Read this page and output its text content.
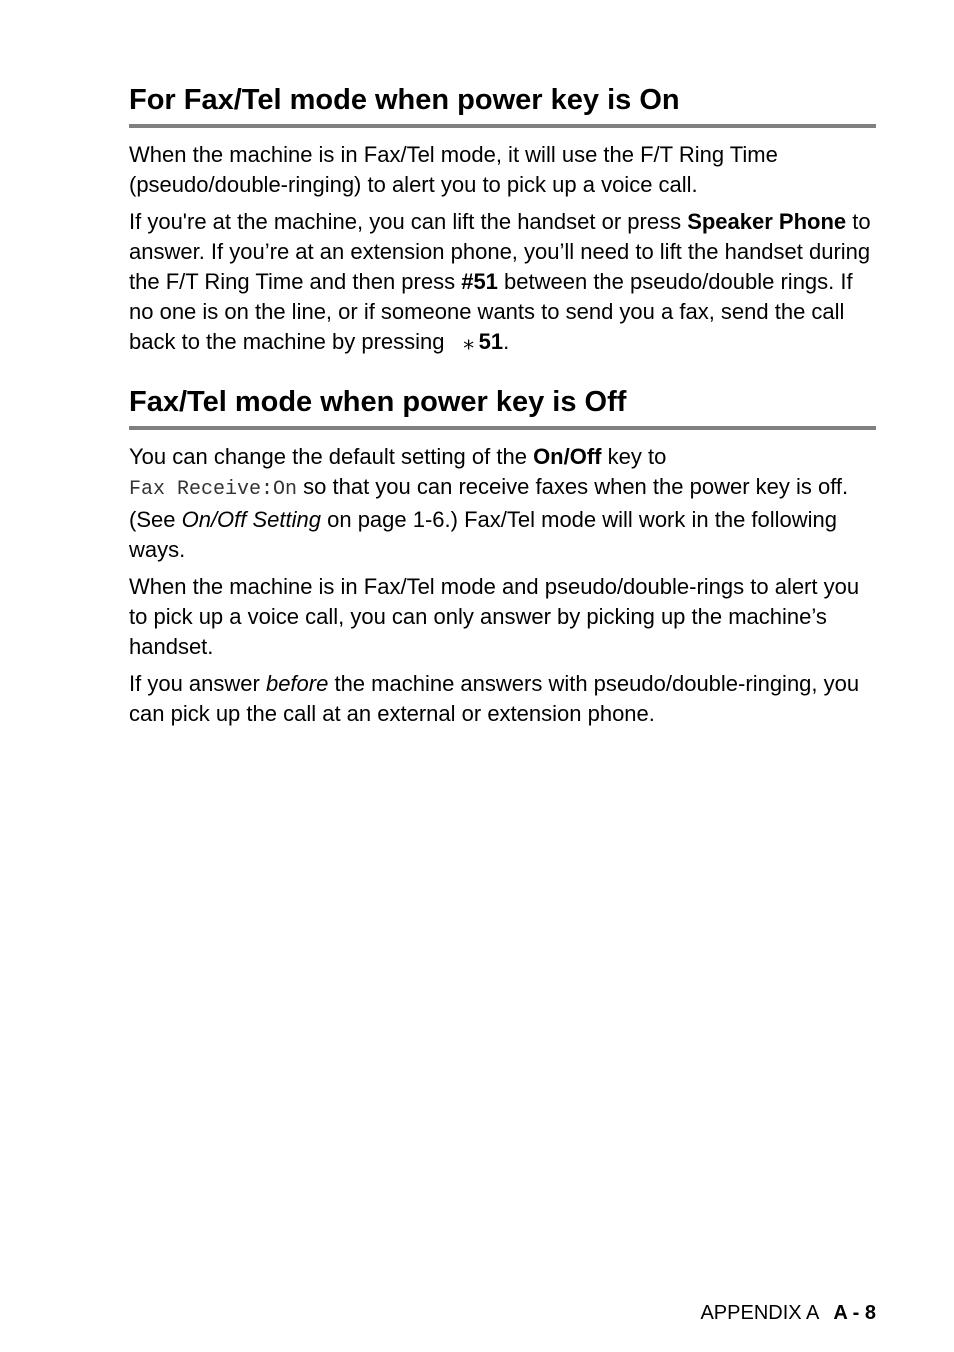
For Fax/Tel mode when power key is On

When the machine is in Fax/Tel mode, it will use the F/T Ring Time (pseudo/double-ringing) to alert you to pick up a voice call.

If you're at the machine, you can lift the handset or press Speaker Phone to answer. If you’re at an extension phone, you’ll need to lift the handset during the F/T Ring Time and then press #51 between the pseudo/double rings. If no one is on the line, or if someone wants to send you a fax, send the call back to the machine by pressing ⁎ 51.

Fax/Tel mode when power key is Off

You can change the default setting of the On/Off key to
Fax Receive:On so that you can receive faxes when the power key is off. (See On/Off Setting on page 1-6.) Fax/Tel mode will work in the following ways.

When the machine is in Fax/Tel mode and pseudo/double-rings to alert you to pick up a voice call, you can only answer by picking up the machine’s handset.

If you answer before the machine answers with pseudo/double-ringing, you can pick up the call at an external or extension phone.

APPENDIX A A - 8
